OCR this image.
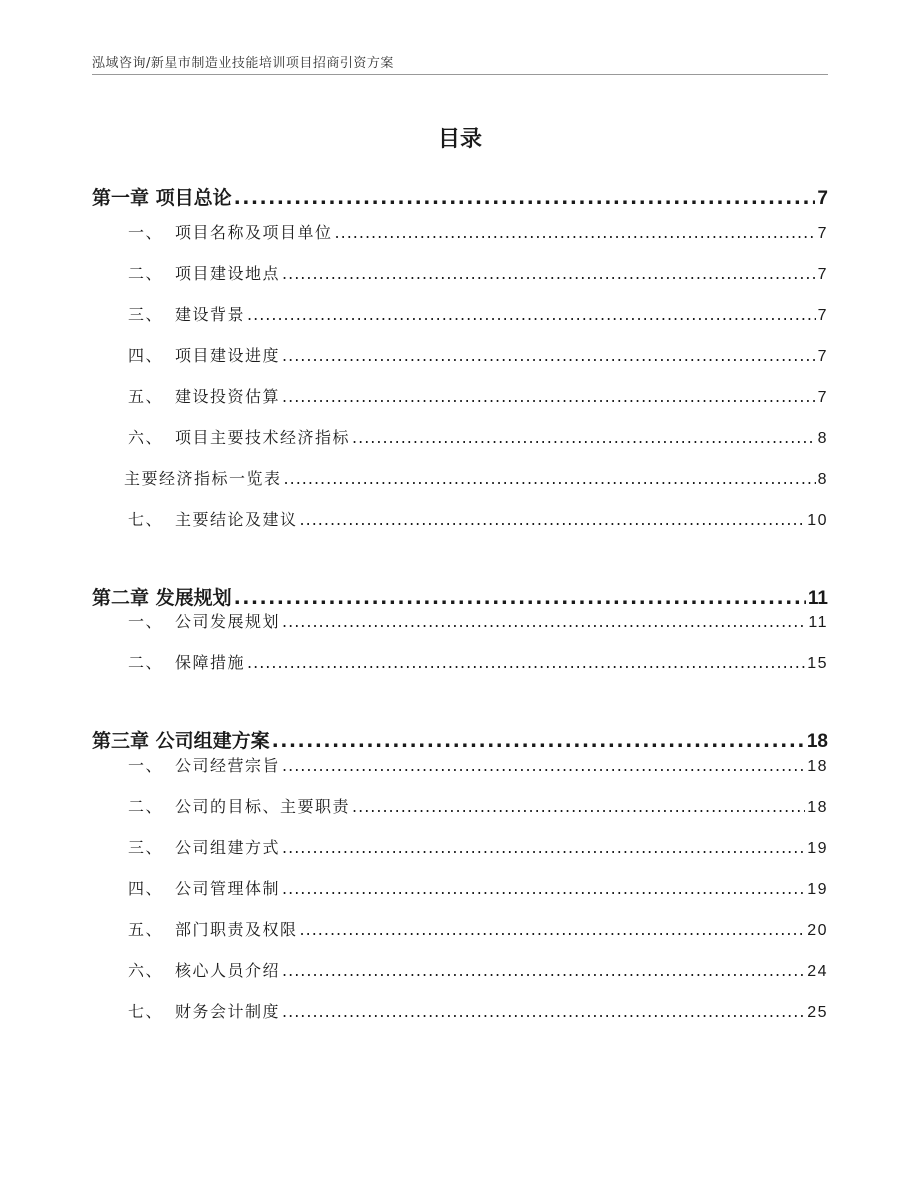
泓域咨询/新星市制造业技能培训项目招商引资方案
目录
第一章 项目总论 .....	7
一、 项目名称及项目单位 .....	7
二、 项目建设地点 .....	7
三、 建设背景 .....	7
四、 项目建设进度 .....	7
五、 建设投资估算 .....	7
六、 项目主要技术经济指标 .....	8
主要经济指标一览表 .....	8
七、 主要结论及建议 .....	10
第二章 发展规划 .....	11
一、 公司发展规划 .....	11
二、 保障措施 .....	15
第三章 公司组建方案 .....	18
一、 公司经营宗旨 .....	18
二、 公司的目标、主要职责 .....	18
三、 公司组建方式 .....	19
四、 公司管理体制 .....	19
五、 部门职责及权限 .....	20
六、 核心人员介绍 .....	24
七、 财务会计制度 .....	25
